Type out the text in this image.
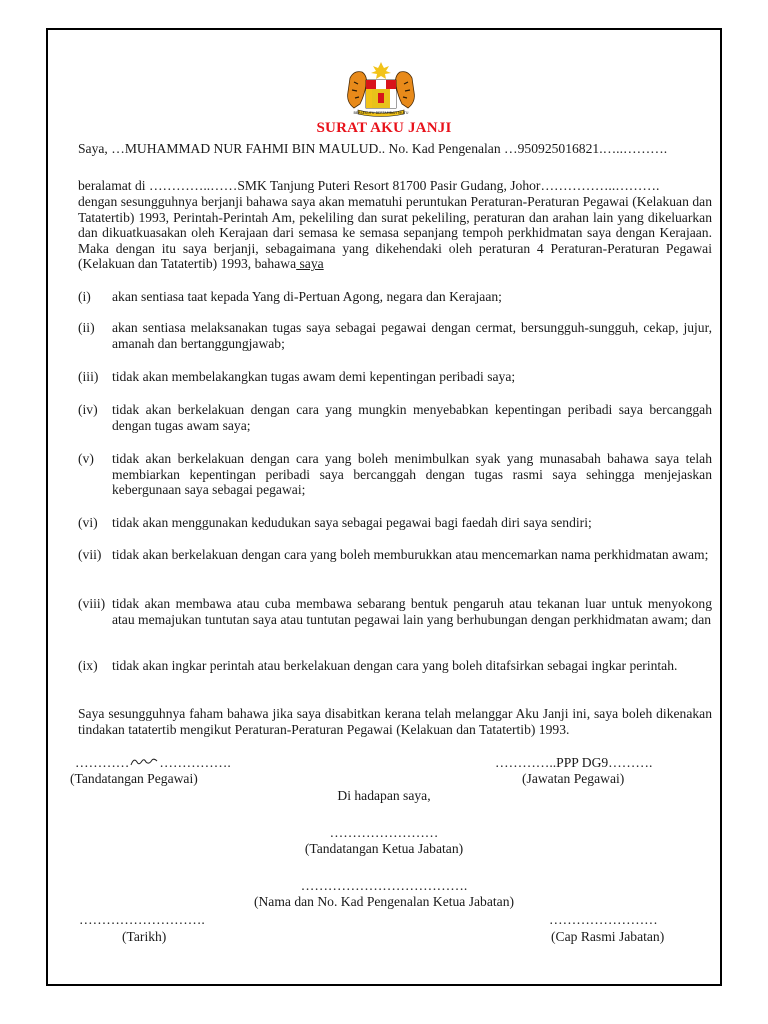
BERSEKUTU BERTAMBAH MUTU
SURAT AKU JANJI
Saya, …MUHAMMAD NUR FAHMI BIN MAULUD.. No. Kad Pengenalan …950925016821.…..……….
beralamat di …………..……SMK Tanjung Puteri Resort 81700 Pasir Gudang, Johor……………..……….
dengan sesungguhnya berjanji bahawa saya akan mematuhi peruntukan Peraturan-Peraturan Pegawai (Kelakuan dan Tatatertib) 1993, Perintah-Perintah Am, pekeliling dan surat pekeliling, peraturan dan arahan lain yang dikeluarkan dan dikuatkuasakan oleh Kerajaan dari semasa ke semasa sepanjang tempoh perkhidmatan saya dengan Kerajaan. Maka dengan itu saya berjanji, sebagaimana yang dikehendaki oleh peraturan 4 Peraturan-Peraturan Pegawai (Kelakuan dan Tatatertib) 1993, bahawa saya
(i)	akan sentiasa taat kepada Yang di-Pertuan Agong, negara dan Kerajaan;
(ii)	akan sentiasa melaksanakan tugas saya sebagai pegawai dengan cermat, bersungguh-sungguh, cekap, jujur, amanah dan bertanggungjawab;
(iii)	tidak akan membelakangkan tugas awam demi kepentingan peribadi saya;
(iv)	tidak akan berkelakuan dengan cara yang mungkin menyebabkan kepentingan peribadi saya bercanggah dengan tugas awam saya;
(v)	tidak akan berkelakuan dengan cara yang boleh menimbulkan syak yang munasabah bahawa saya telah membiarkan kepentingan peribadi saya bercanggah dengan tugas rasmi saya sehingga menjejaskan kebergunaan saya sebagai pegawai;
(vi)	tidak akan menggunakan kedudukan saya sebagai pegawai bagi faedah diri saya sendiri;
(vii) tidak akan berkelakuan dengan cara yang boleh memburukkan atau mencemarkan nama perkhidmatan awam;
(viii) tidak akan membawa atau cuba membawa sebarang bentuk pengaruh atau tekanan luar untuk menyokong atau memajukan tuntutan saya atau tuntutan pegawai lain yang berhubungan dengan perkhidmatan awam; dan
(ix)	tidak akan ingkar perintah atau berkelakuan dengan cara yang boleh ditafsirkan sebagai ingkar perintah.
Saya sesungguhnya faham bahawa jika saya disabitkan kerana telah melanggar Aku Janji ini, saya boleh dikenakan tindakan tatatertib mengikut Peraturan-Peraturan Pegawai (Kelakuan dan Tatatertib) 1993.
………… …………….	…………..PPP DG9……….
(Tandatangan Pegawai)	(Jawatan Pegawai)
Di hadapan saya,
……………………
(Tandatangan Ketua Jabatan)
……………………………….
(Nama dan No. Kad Pengenalan Ketua Jabatan)
……………………….	……………………
(Tarikh)	(Cap Rasmi Jabatan)
